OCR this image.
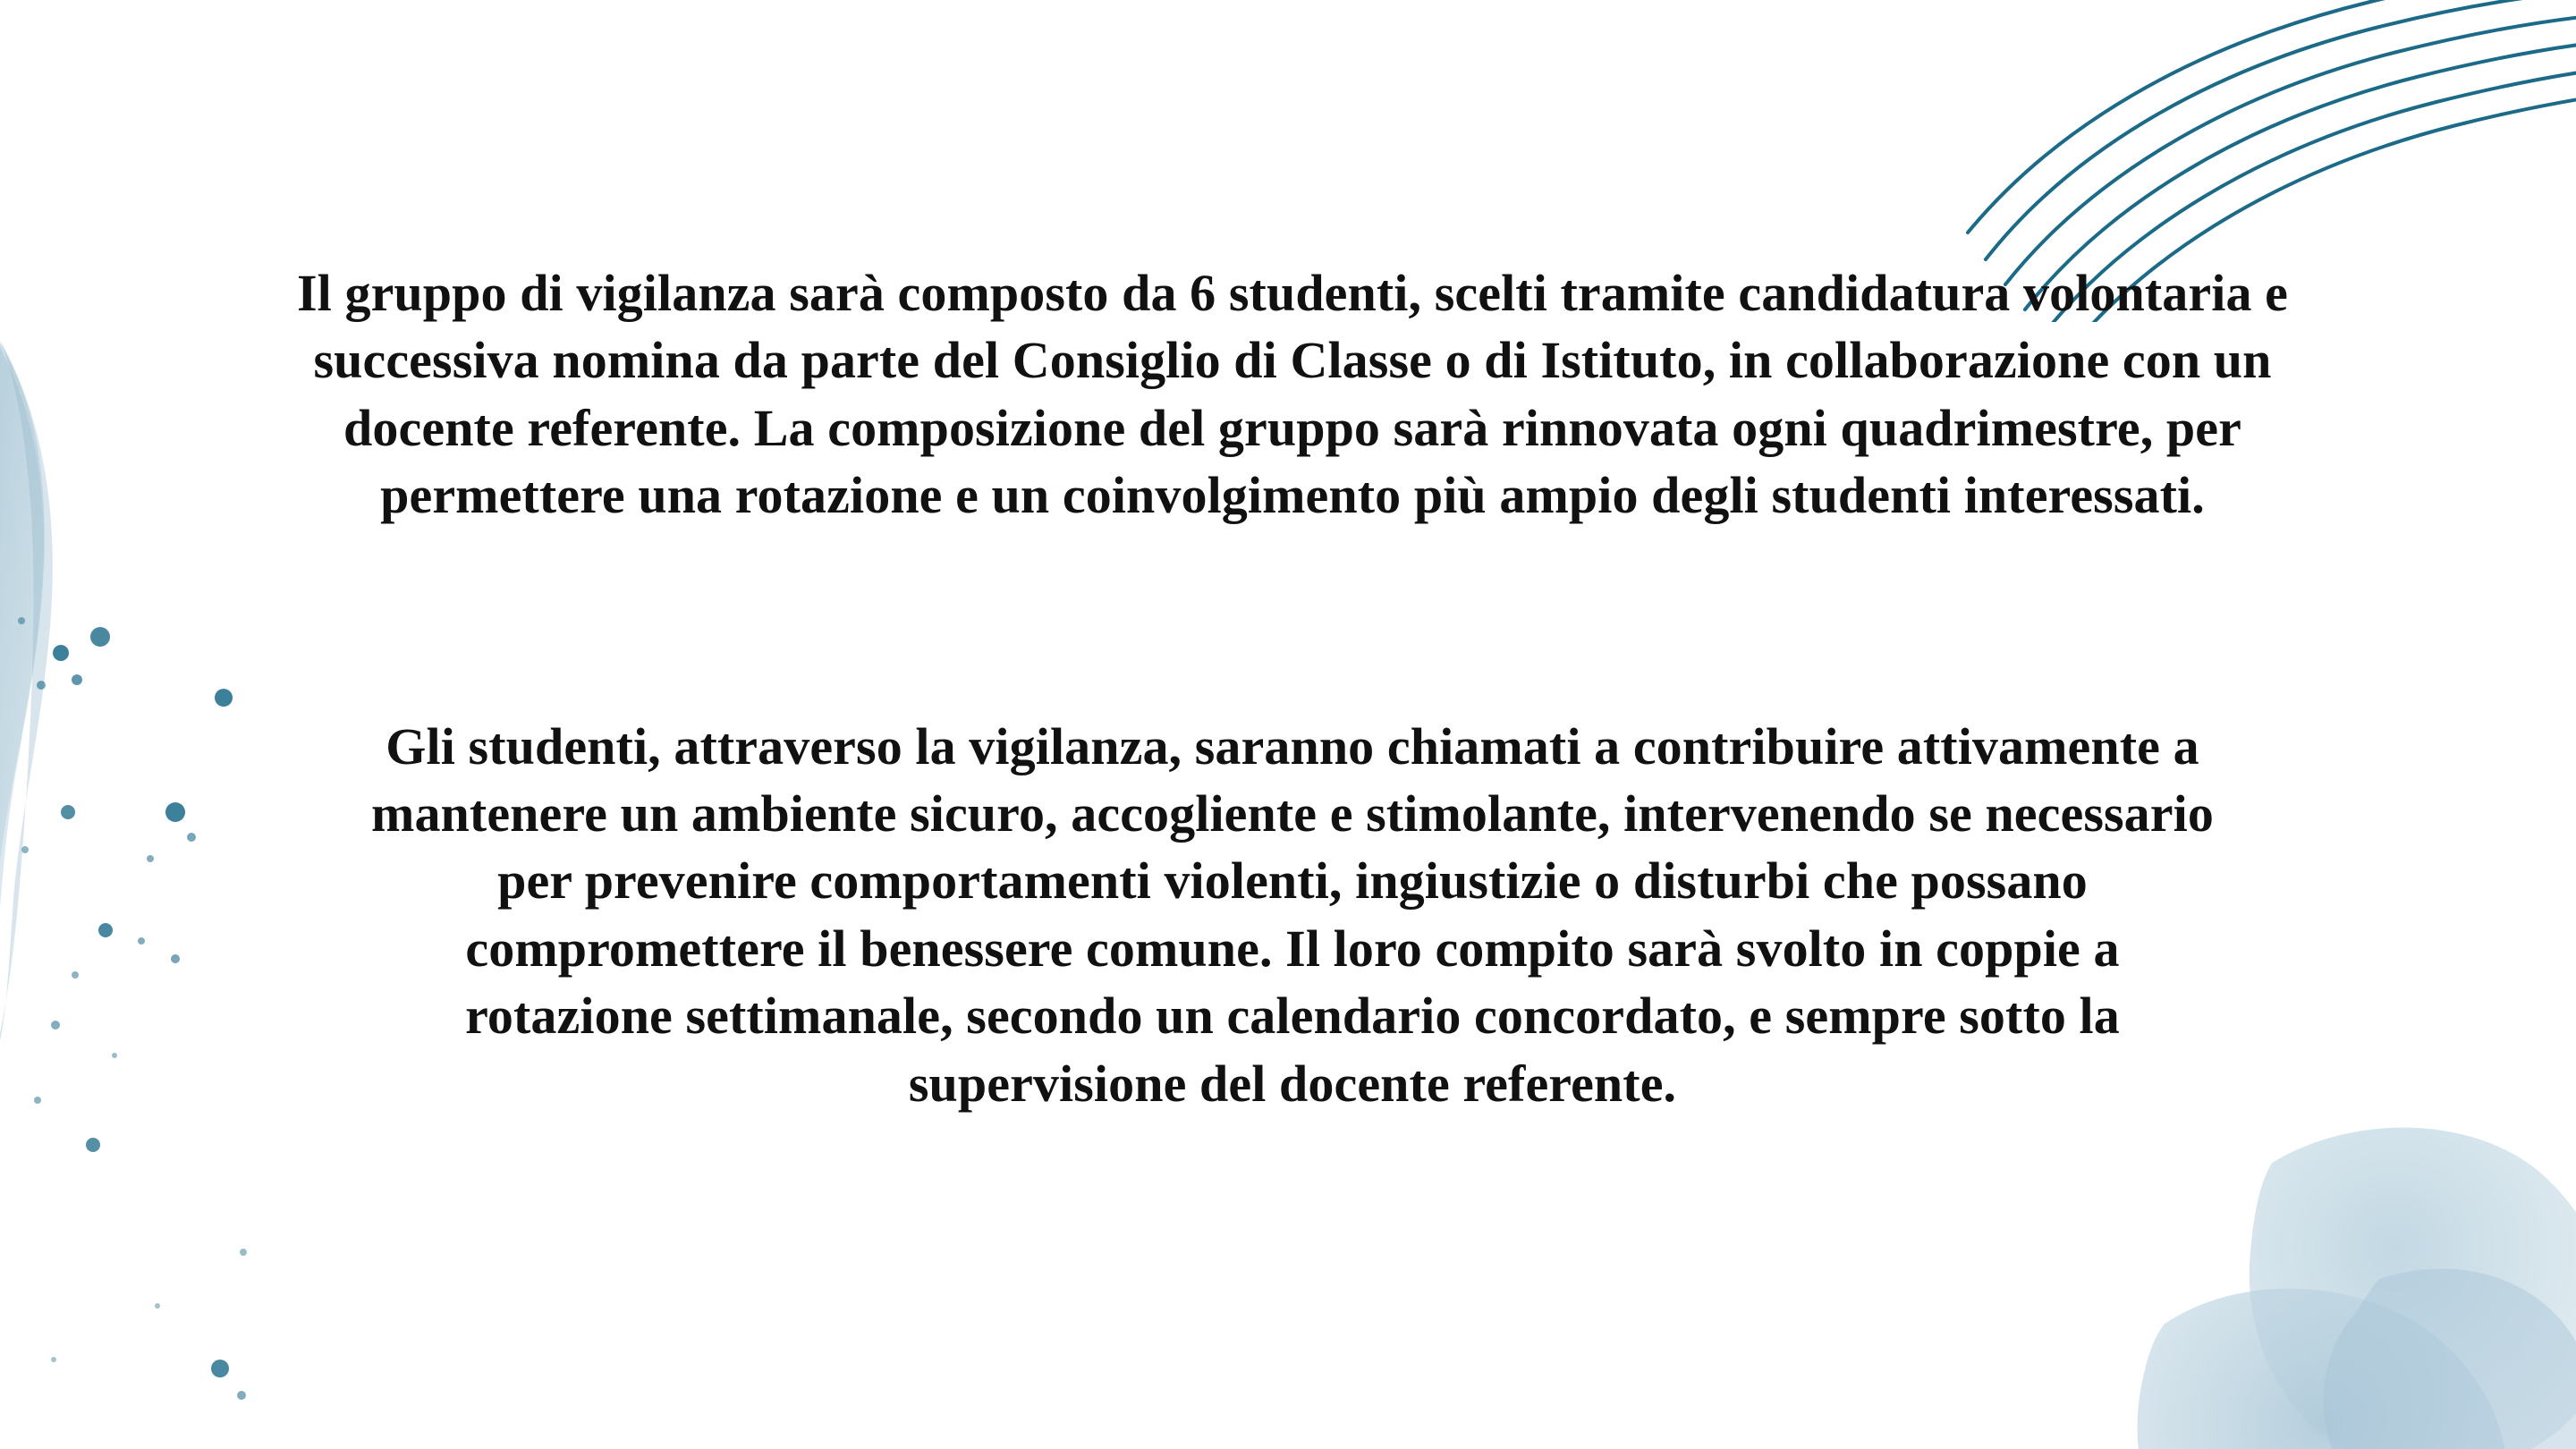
Il gruppo di vigilanza sarà composto da 6 studenti, scelti tramite candidatura volontaria e successiva nomina da parte del Consiglio di Classe o di Istituto, in collaborazione con un docente referente. La composizione del gruppo sarà rinnovata ogni quadrimestre, per permettere una rotazione e un coinvolgimento più ampio degli studenti interessati.

Gli studenti, attraverso la vigilanza, saranno chiamati a contribuire attivamente a mantenere un ambiente sicuro, accogliente e stimolante, intervenendo se necessario per prevenire comportamenti violenti, ingiustizie o disturbi che possano compromettere il benessere comune. Il loro compito sarà svolto in coppie a rotazione settimanale, secondo un calendario concordato, e sempre sotto la supervisione del docente referente.
